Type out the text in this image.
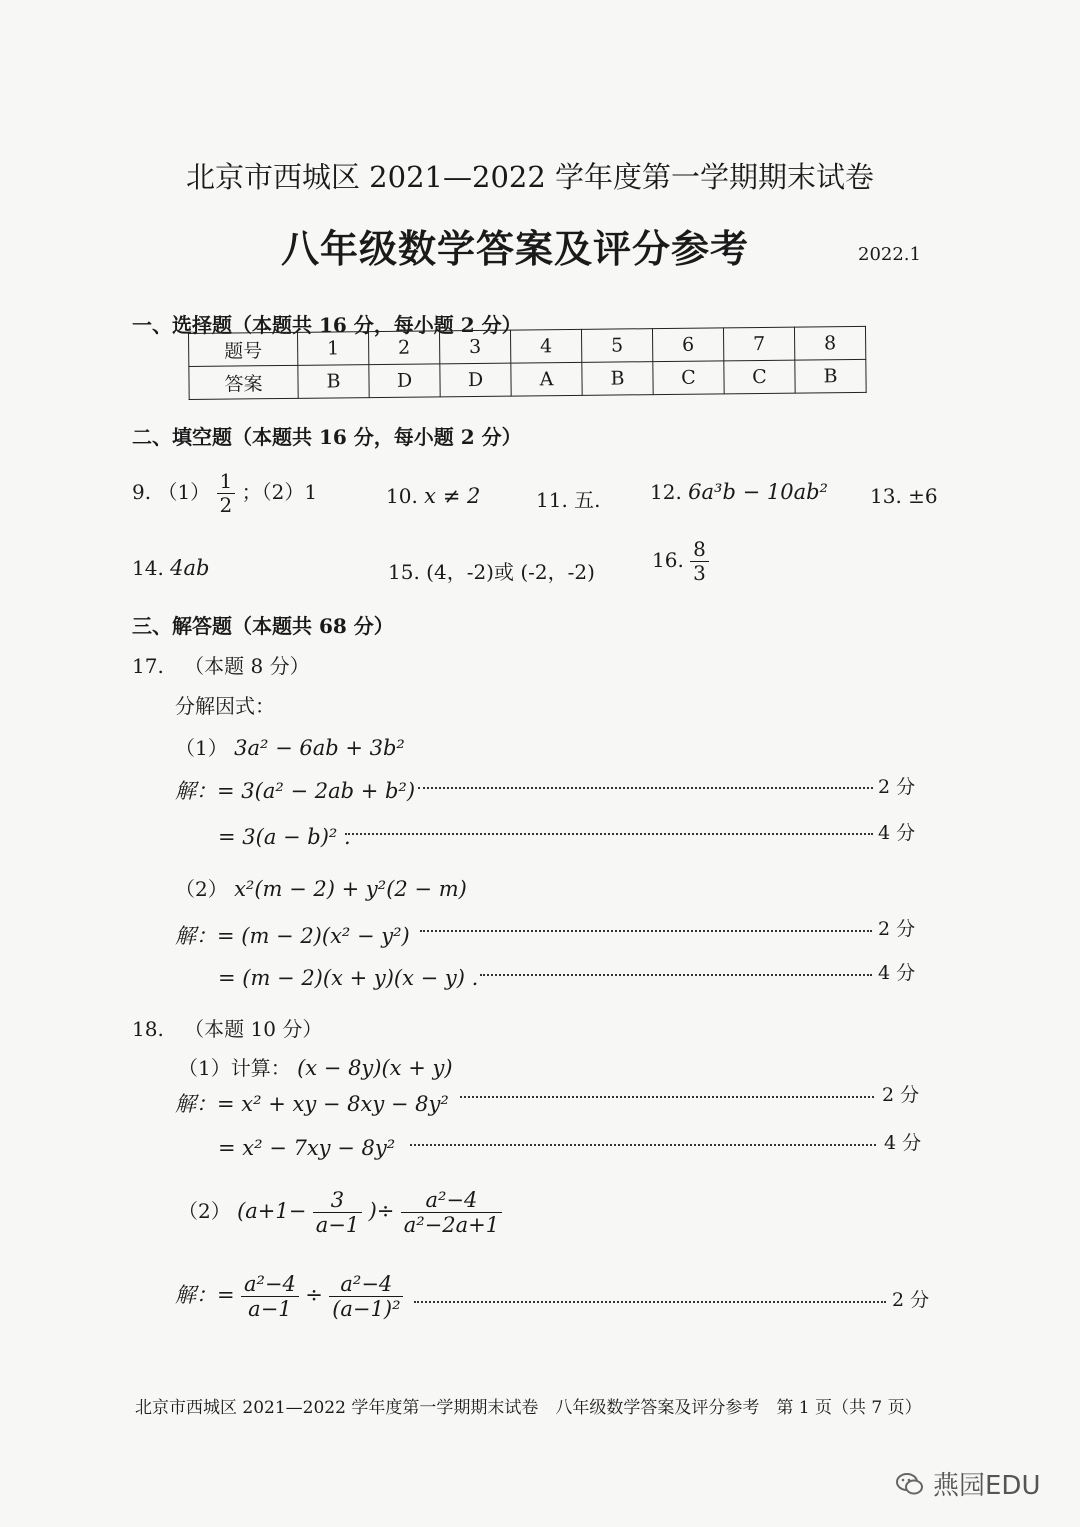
北京市西城区 2021—2022 学年度第一学期期末试卷
八年级数学答案及评分参考	2022.1
一、选择题（本题共 16 分，每小题 2 分）
题号	1	2	3	4	5	6	7	8
答案	B	D	D	A	B	C	C	B
二、填空题（本题共 16 分，每小题 2 分）
9. $(1) \frac{1}{2}$ ；（2）1	10. x ≠ 2	11. 五. 12. 6a³b − 10ab² 13. ±6
14. 4ab	15. (4，-2)或 (-2，-2)	16. $\frac{8}{3}$
三、解答题（本题共 68 分）
17. （本题 8 分）
分解因式：
（1） 3a² − 6ab + 3b²
解：= 3(a² − 2ab + b²)	2 分
= 3(a − b)² .	4 分
（2） x²(m − 2) + y²(2 − m)
解：= (m − 2)(x² − y²)	2 分
= (m − 2)(x + y)(x − y) .	4 分
18. （本题 10 分）
（1）计算： (x − 8y)(x + y)
解：= x² + xy − 8xy − 8y²	2 分
= x² − 7xy − 8y²	4 分
（2） ($a+1- \frac{3}{a-1}$ )÷ $\frac{\text{a²−4}}{\text{a²−2a+1}}$
解：= $\frac{\text{a²−4}}{a-1} \div \frac{\text{a²−4}}{\text{(a−1)²}}$	2 分
北京市西城区 2021—2022 学年度第一学期期末试卷　八年级数学答案及评分参考　第 1 页（共 7 页）
燕园EDU
